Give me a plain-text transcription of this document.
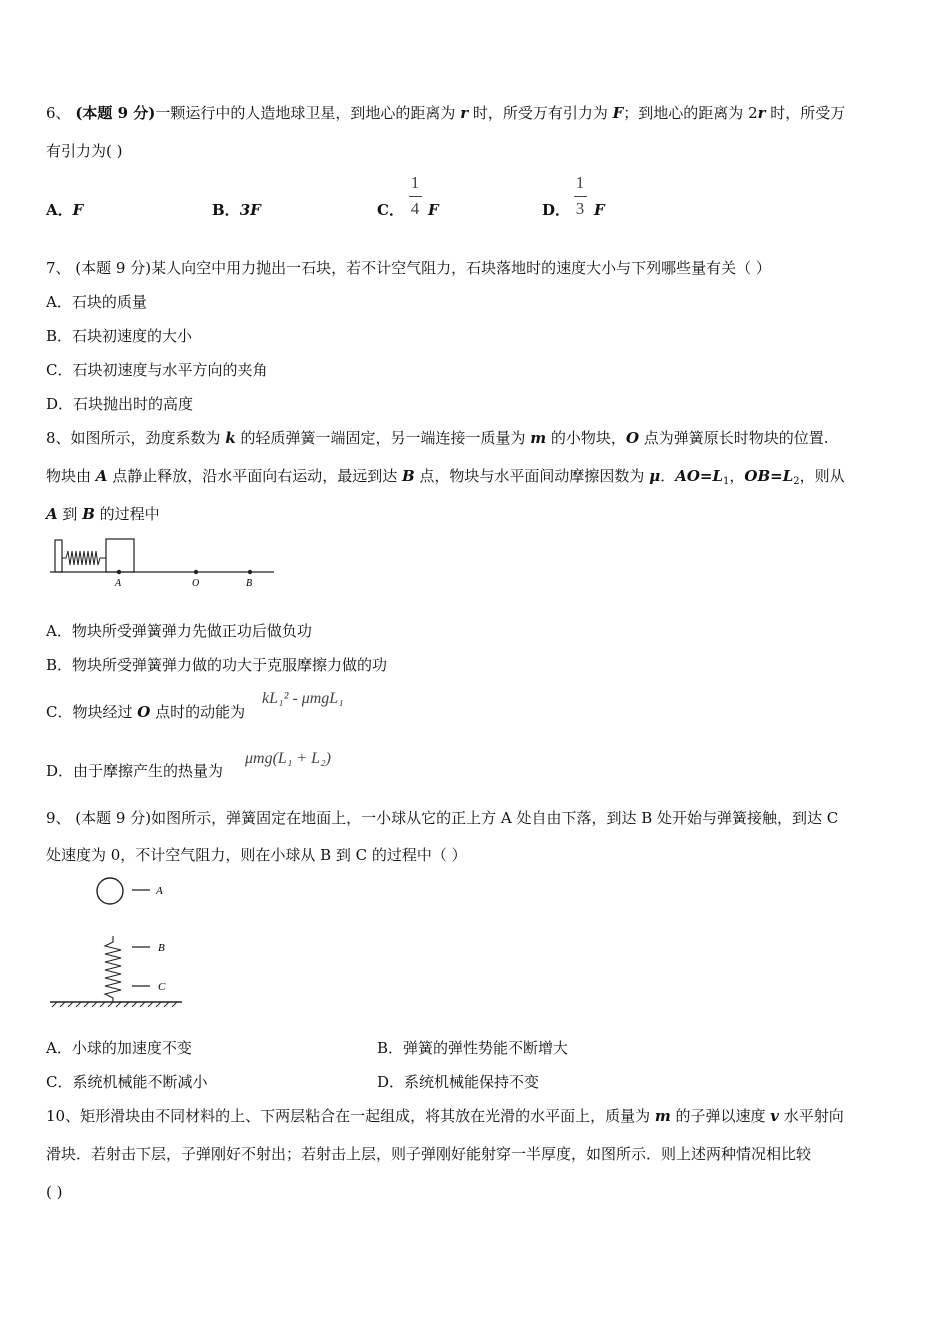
6、 (本题 9 分)一颗运行中的人造地球卫星，到地心的距离为 r 时，所受万有引力为 F；到地心的距离为 2r 时，所受万
有引力为( )
A．F	B．3F	C． F
1
4	D． F
1
3
7、 (本题 9 分)某人向空中用力抛出一石块，若不计空气阻力，石块落地时的速度大小与下列哪些量有关（ ）
A．石块的质量
B．石块初速度的大小
C．石块初速度与水平方向的夹角
D．石块抛出时的高度
8、如图所示，劲度系数为 k 的轻质弹簧一端固定，另一端连接一质量为 m 的小物块，O 点为弹簧原长时物块的位置.
物块由 A 点静止释放，沿水平面向右运动，最远到达 B 点，物块与水平面间动摩擦因数为 μ．$AO=L_1$，$OB=L_2$，则从
A 到 B 的过程中
A	O	B
A．物块所受弹簧弹力先做正功后做负功
B．物块所受弹簧弹力做的功大于克服摩擦力做的功
C．物块经过 O 点时的动能为
kL₁² - μmgL₁
D．由于摩擦产生的热量为
μmg(L₁ + L₂)
9、 (本题 9 分)如图所示，弹簧固定在地面上，一小球从它的正上方 A 处自由下落，到达 B 处开始与弹簧接触，到达 C
处速度为 0，不计空气阻力，则在小球从 B 到 C 的过程中（ ）
A
B
C
A．小球的加速度不变	B．弹簧的弹性势能不断增大
C．系统机械能不断减小	D．系统机械能保持不变
10、矩形滑块由不同材料的上、下两层粘合在一起组成，将其放在光滑的水平面上，质量为 m 的子弹以速度 v 水平射向
滑块．若射击下层，子弹刚好不射出；若射击上层，则子弹刚好能射穿一半厚度，如图所示．则上述两种情况相比较
( )
